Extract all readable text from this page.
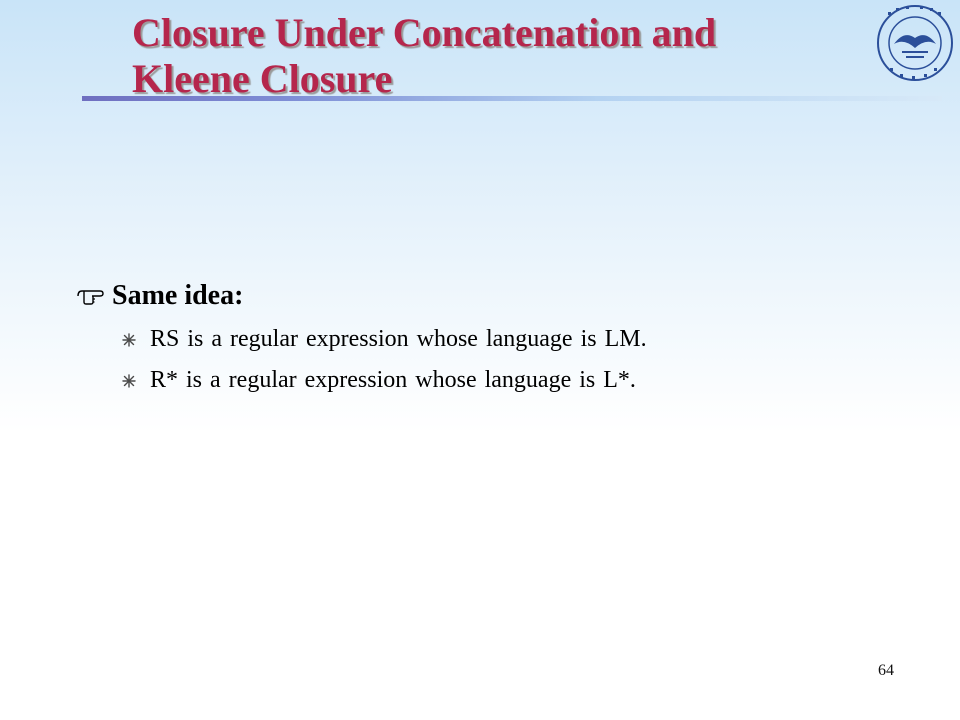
Closure Under Concatenation and
Kleene Closure
Same idea:
RS is a regular expression whose language is LM.
R* is a regular expression whose language is L*.
64
